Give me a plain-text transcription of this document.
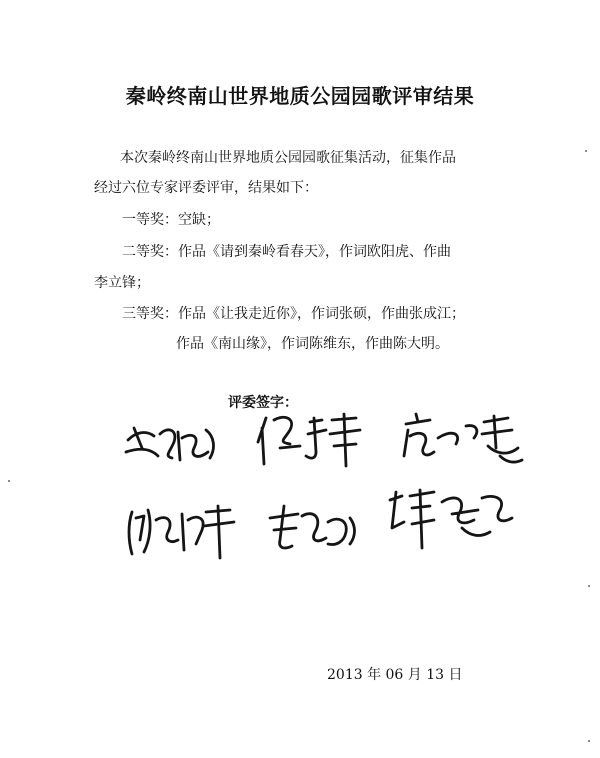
秦岭终南山世界地质公园园歌评审结果
本次秦岭终南山世界地质公园园歌征集活动，征集作品
经过六位专家评委评审，结果如下：
一等奖：空缺；
二等奖：作品《请到秦岭看春天》，作词欧阳虎、作曲
李立锋；
三等奖：作品《让我走近你》，作词张硕，作曲张成江；
作品《南山缘》，作词陈维东，作曲陈大明。
评委签字：
2013 年 06 月 13 日
